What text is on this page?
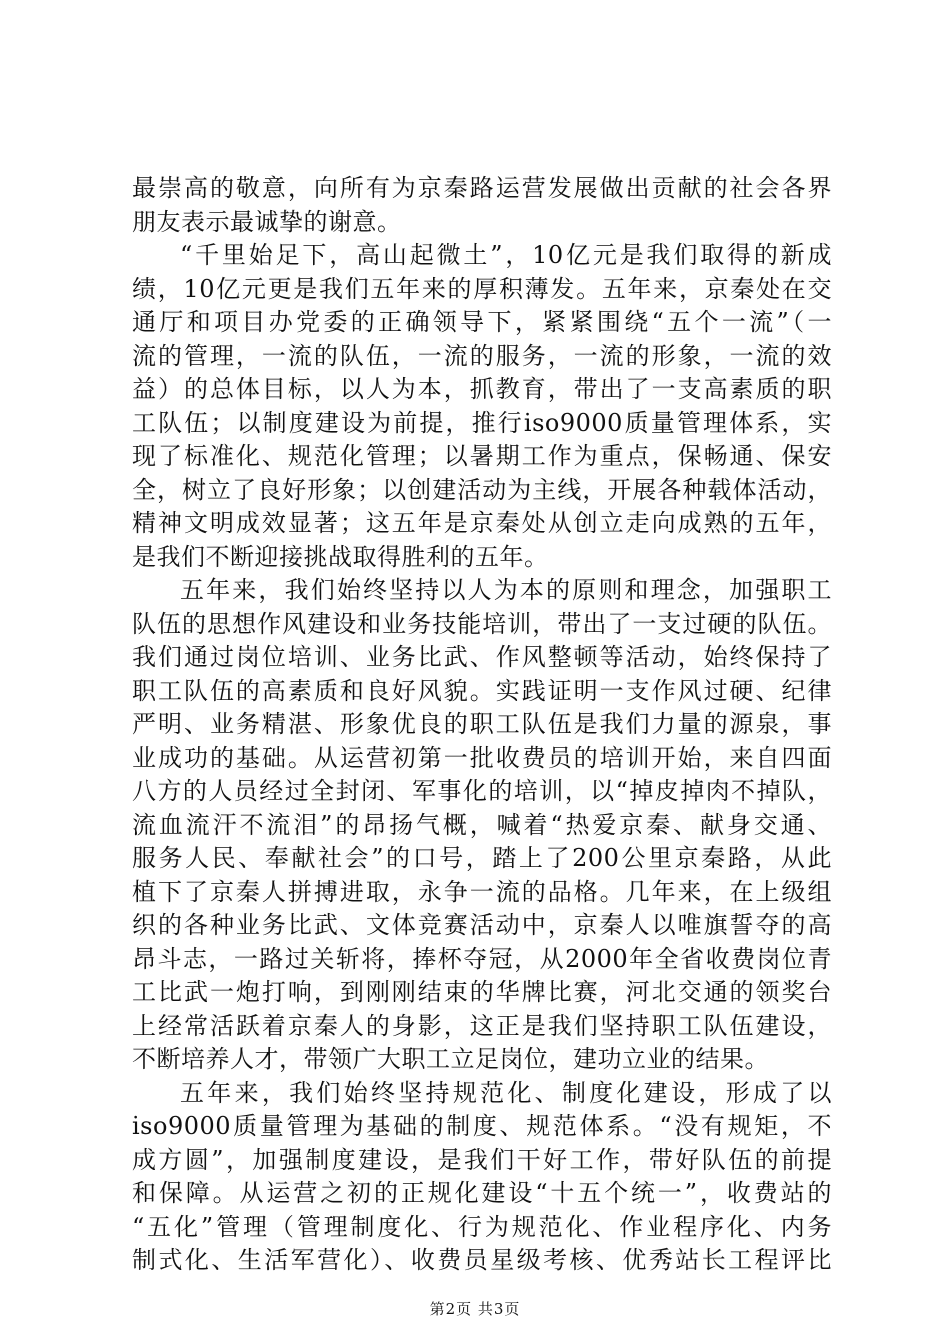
最崇高的敬意，向所有为京秦路运营发展做出贡献的社会各界
朋友表示最诚挚的谢意。
“千里始足下，高山起微土”，10亿元是我们取得的新成
绩，10亿元更是我们五年来的厚积薄发。五年来，京秦处在交
通厅和项目办党委的正确领导下，紧紧围绕“五个一流”（一
流的管理，一流的队伍，一流的服务，一流的形象，一流的效
益）的总体目标，以人为本，抓教育，带出了一支高素质的职
工队伍；以制度建设为前提，推行iso9000质量管理体系，实
现了标准化、规范化管理；以暑期工作为重点，保畅通、保安
全，树立了良好形象；以创建活动为主线，开展各种载体活动，
精神文明成效显著；这五年是京秦处从创立走向成熟的五年，
是我们不断迎接挑战取得胜利的五年。
五年来，我们始终坚持以人为本的原则和理念，加强职工
队伍的思想作风建设和业务技能培训，带出了一支过硬的队伍。
我们通过岗位培训、业务比武、作风整顿等活动，始终保持了
职工队伍的高素质和良好风貌。实践证明一支作风过硬、纪律
严明、业务精湛、形象优良的职工队伍是我们力量的源泉，事
业成功的基础。从运营初第一批收费员的培训开始，来自四面
八方的人员经过全封闭、军事化的培训，以“掉皮掉肉不掉队，
流血流汗不流泪”的昂扬气概，喊着“热爱京秦、献身交通、
服务人民、奉献社会”的口号，踏上了200公里京秦路，从此
植下了京秦人拼搏进取，永争一流的品格。几年来，在上级组
织的各种业务比武、文体竞赛活动中，京秦人以唯旗誓夺的高
昂斗志，一路过关斩将，捧杯夺冠，从2000年全省收费岗位青
工比武一炮打响，到刚刚结束的华牌比赛，河北交通的领奖台
上经常活跃着京秦人的身影，这正是我们坚持职工队伍建设，
不断培养人才，带领广大职工立足岗位，建功立业的结果。
五年来，我们始终坚持规范化、制度化建设，形成了以
iso9000质量管理为基础的制度、规范体系。“没有规矩，不
成方圆”，加强制度建设，是我们干好工作，带好队伍的前提
和保障。从运营之初的正规化建设“十五个统一”，收费站的
“五化”管理（管理制度化、行为规范化、作业程序化、内务
制式化、生活军营化）、收费员星级考核、优秀站长工程评比
第2页 共3页
